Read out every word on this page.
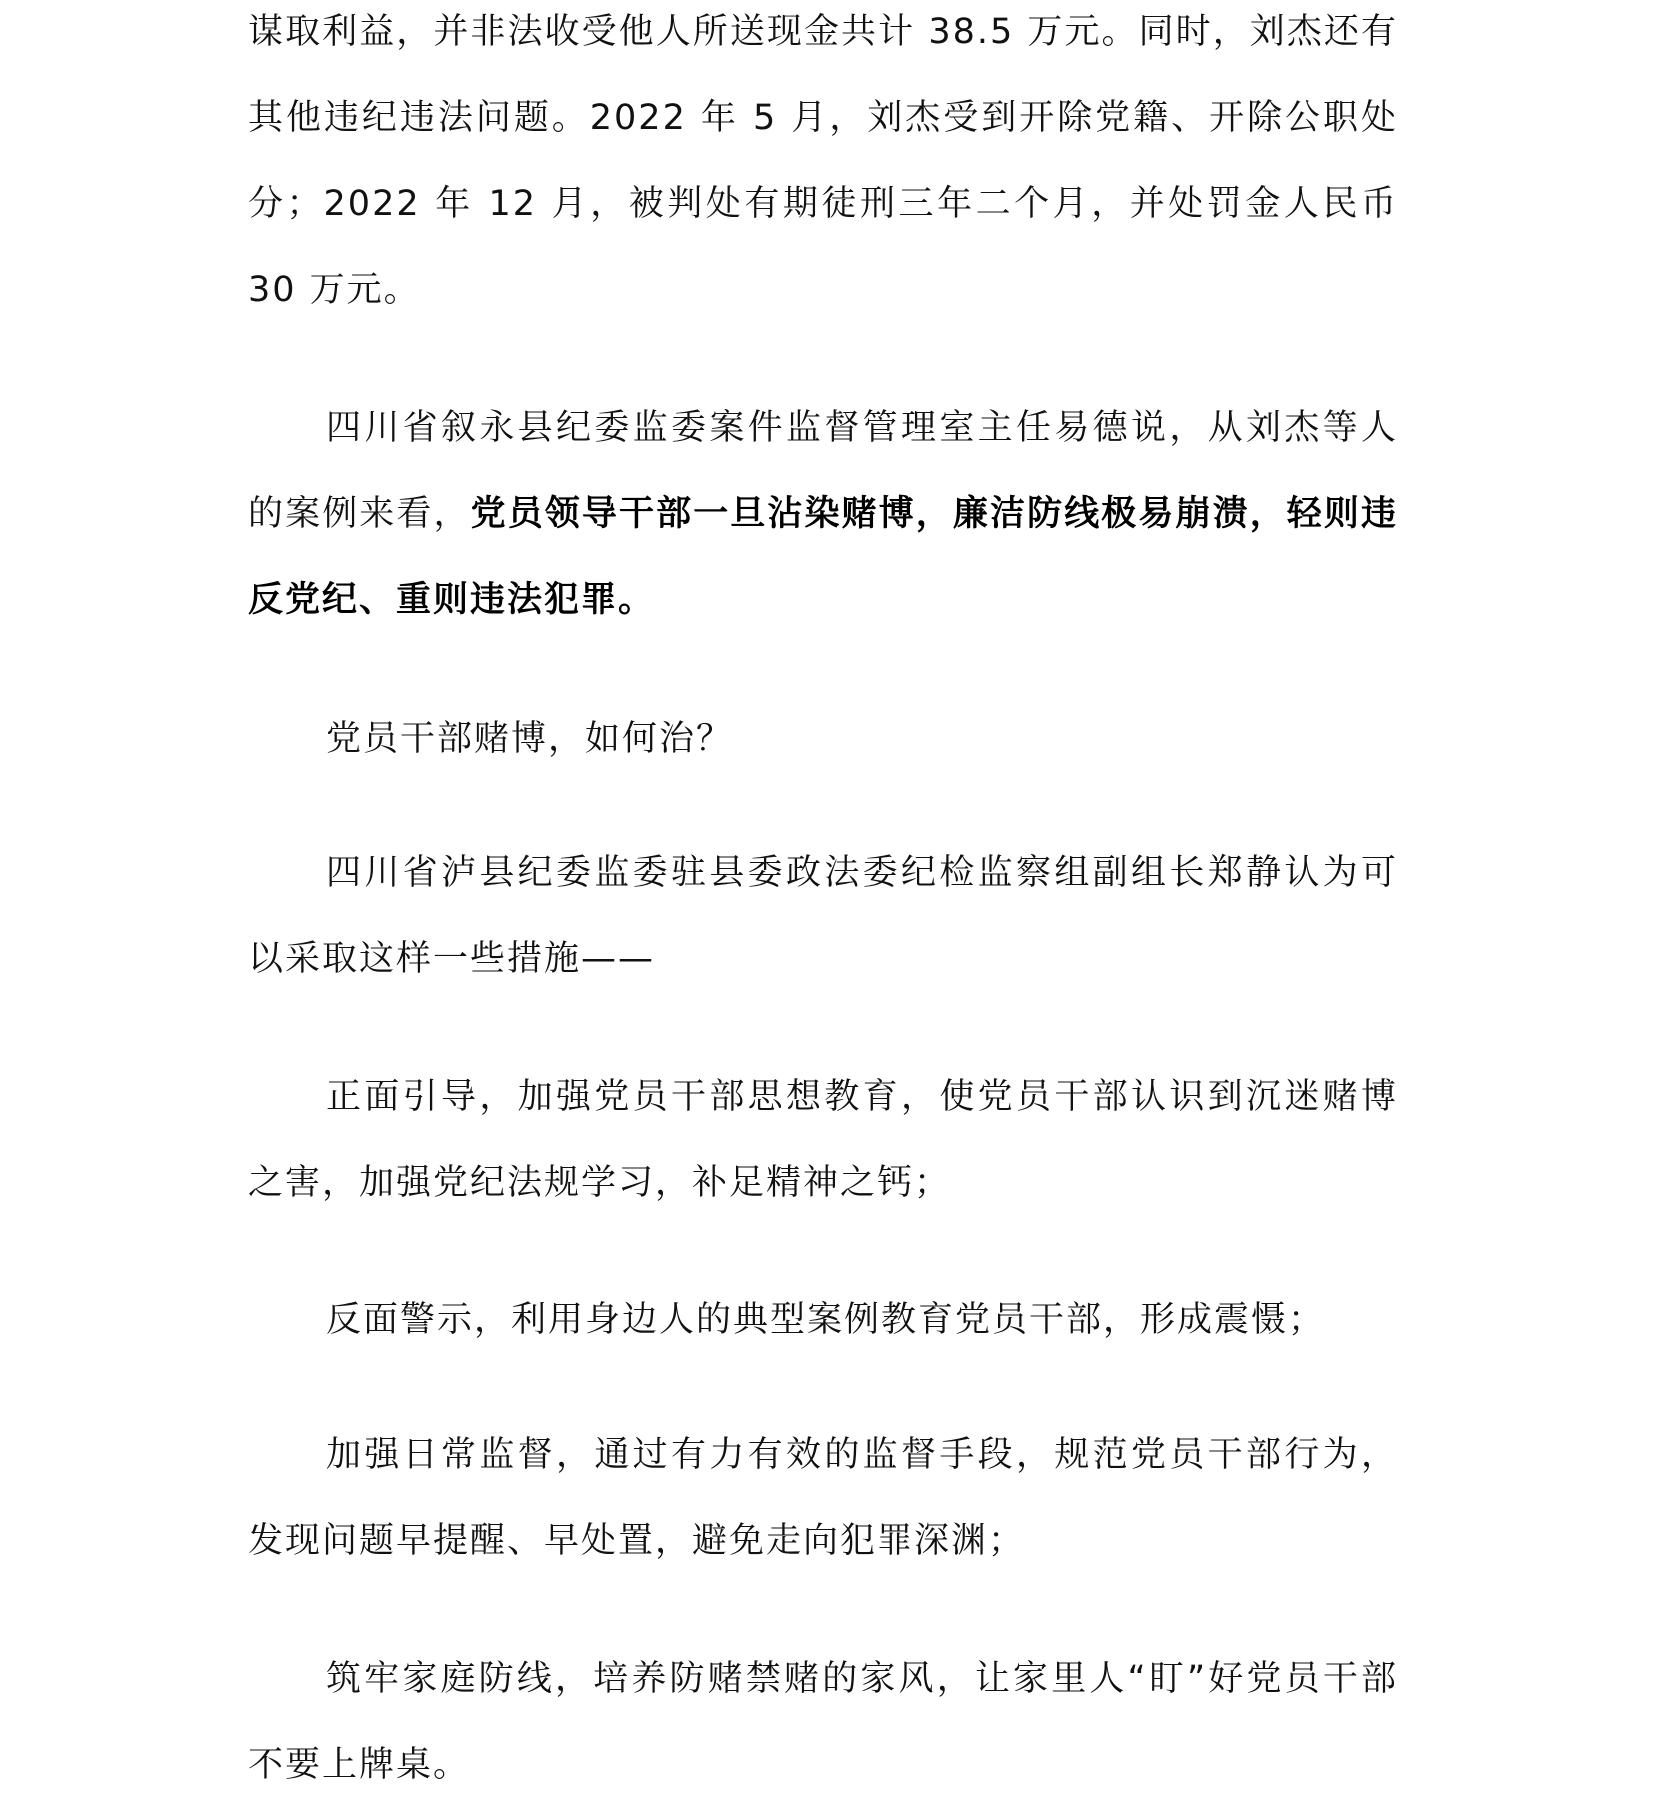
谋取利益，并非法收受他人所送现金共计 38.5 万元。同时，刘杰还有其他违纪违法问题。2022 年 5 月，刘杰受到开除党籍、开除公职处分；2022 年 12 月，被判处有期徒刑三年二个月，并处罚金人民币 30 万元。

四川省叙永县纪委监委案件监督管理室主任易德说，从刘杰等人的案例来看，党员领导干部一旦沾染赌博，廉洁防线极易崩溃，轻则违反党纪、重则违法犯罪。

党员干部赌博，如何治？

四川省泸县纪委监委驻县委政法委纪检监察组副组长郑静认为可以采取这样一些措施——

正面引导，加强党员干部思想教育，使党员干部认识到沉迷赌博之害，加强党纪法规学习，补足精神之钙；

反面警示，利用身边人的典型案例教育党员干部，形成震慑；

加强日常监督，通过有力有效的监督手段，规范党员干部行为，发现问题早提醒、早处置，避免走向犯罪深渊；

筑牢家庭防线，培养防赌禁赌的家风，让家里人“盯”好党员干部不要上牌桌。
